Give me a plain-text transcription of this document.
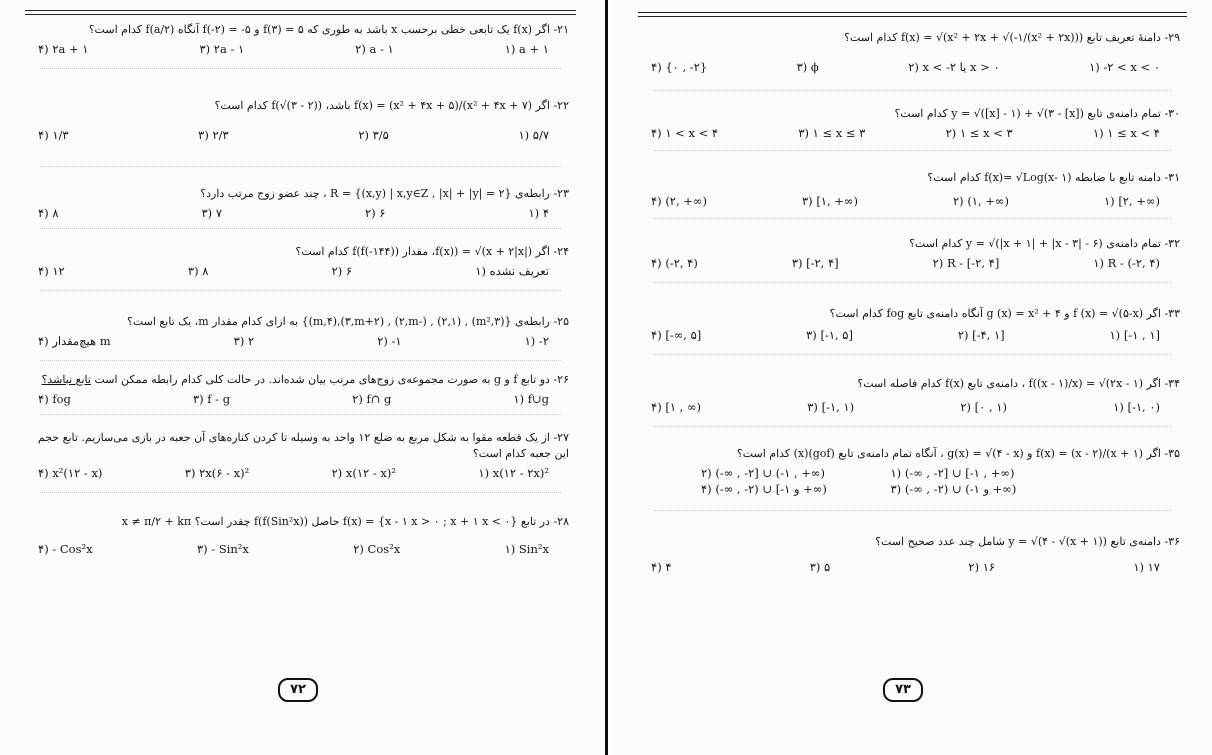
۲۱- اگر f(x) یک تابعی خطی برحسب x باشد به طوری که f(۳) = ۵ و f(-۲) = -۵ آنگاه f(a/۲) کدام است؟
۱) a + ۱
۲) a - ۱
۳) ۲a - ۱
۴) ۲a + ۱
۲۲- اگر f(x) = (x² + ۴x + ۵)/(x² + ۴x + ۷) باشد، f(√(۳ - ۲)) کدام است؟
۱) ۵/۷
۲) ۳/۵
۳) ۲/۳
۴) ۱/۳
۲۳- رابطه‌ی R = {(x,y) | x,y∈Z , |x| + |y| = ۲} ، چند عضو زوج مرتب دارد؟
۱) ۴
۲) ۶
۳) ۷
۴) ۸
۲۴- اگر f(x)) = √(x + ۲|x|)، مقدار f(f(-۱۴۴)) کدام است؟
۱) تعریف نشده
۲) ۶
۳) ۸
۴) ۱۲
۲۵- رابطه‌ی {(۳,m²) , (۲,۱) , (-۲,m) , (۳,m+۲),(m,۴)} به ازای کدام مقدار m، یک تابع است؟
۱) -۲
۲) -۱
۳) ۲
۴) هیچ‌مقدار m
۲۶- دو تابع f و g به صورت مجموعه‌ی زوج‌های مرتب بیان شده‌اند. در حالت کلی کدام رابطه ممکن است تابع نباشد؟
۱) f∪g
۲) f∩ g
۳) f - g
۴) fog
۲۷- از یک قطعه مقوا به شکل مربع به ضلع ۱۲ واحد به وسیله تا کردن کناره‌های آن جعبه در بازی می‌سازیم. تابع حجم این جعبه کدام است؟
۱) x(۱۲ - ۲x)²
۲) x(۱۲ - x)²
۳) ۲x(۶ - x)²
۴) x²(۱۲ - x)
۲۸- در تابع f(x) = {x - ۱ x > ۰ ; x + ۱ x < ۰} حاصل f(f(Sin²x)) چقدر است؟ x ≠ π/۲ + kπ
۱) Sin²x
۲) Cos²x
۳) - Sin²x
۴) - Cos²x
۷۲
۲۹- دامنهٔ تعریف تابع f(x) = √(x² + ۲x + √(-۱/(x² + ۲x))) کدام است؟
۱) -۲ < x < ۰
۲) x < -۲ یا x > ۰
۳) ϕ
۴) {۰ , -۲}
۳۰- تمام دامنه‌ی تابع y = √([x] - ۱) + √(۳ - [x]) کدام است؟
۱) ۱ ≤ x < ۴
۲) ۱ ≤ x < ۳
۳) ۱ ≤ x ≤ ۳
۴) ۱ < x < ۴
۳۱- دامنه تابع با ضابطه f(x)= √Log(x- ۱) کدام است؟
۱) [۲, +∞)
۲) (۱, +∞)
۳) [۱, +∞)
۴) (۲, +∞)
۳۲- تمام دامنه‌ی y = √(|x + ۱| + |x - ۳| - ۶) کدام است؟
۱) R - (-۲, ۴)
۲) R - [-۲, ۴]
۳) [-۲, ۴]
۴) (-۲, ۴)
۳۳- اگر f (x) = √(۵-x) و g (x) = x² + ۴ آنگاه دامنه‌ی تابع fog کدام است؟
۱) [-۱ , ۱]
۲) [-۴, ۱]
۳) [-۱, ۵]
۴) [-∞, ۵]
۳۴- اگر f((x - ۱)/x) = √(۲x - ۱) ، دامنه‌ی تابع f(x) کدام فاصله است؟
۱) [-۱, ۰)
۲) [۰ , ۱)
۳) [-۱, ۱)
۴) [۱ , ∞)
۳۵- اگر f(x) = (x - ۲)/(x + ۱) و g(x) = √(۴ - x) ، آنگاه تمام دامنه‌ی تابع (gof)(x) کدام است؟
۱) (-∞ , -۲] ∪ [-۱ , +∞)
۲) (-∞ , -۲] ∪ (-۱ , +∞)
۳) (-∞ , -۲) ∪ (-۱ و +∞)
۴) (-∞ , -۲) ∪ [-۱ و +∞)
۳۶- دامنه‌ی تابع y = √(۴ - √(x + ۱)) شامل چند عدد صحیح است؟
۱) ۱۷
۲) ۱۶
۳) ۵
۴) ۴
۷۳
